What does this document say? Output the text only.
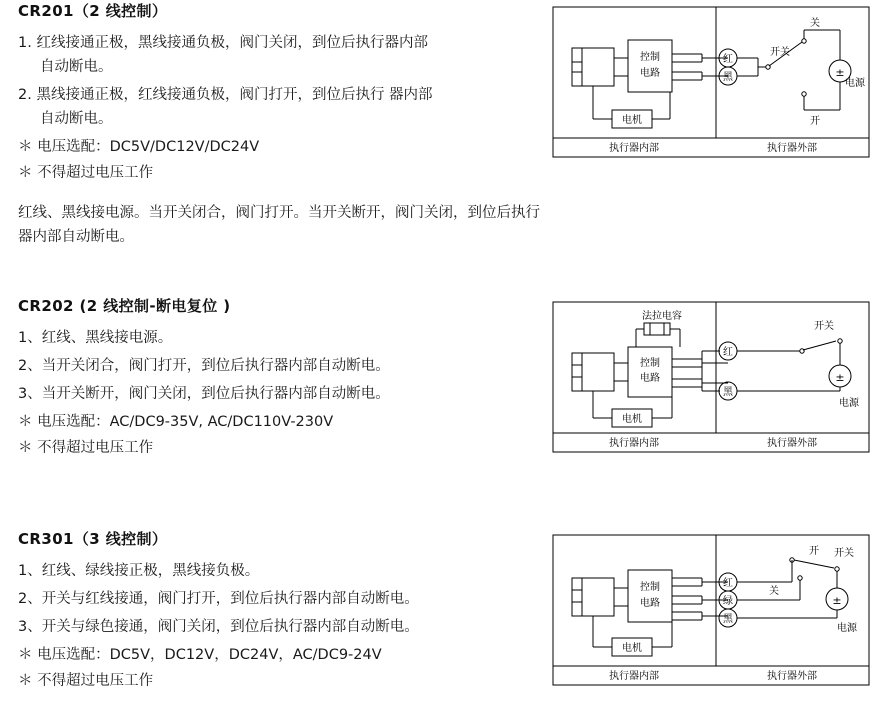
CR201（2 线控制）

1. 红线接通正极，黑线接通负极，阀门关闭，到位后执行器内部

自动断电。

2. 黑线接通正极，红线接通负极，阀门打开，到位后执行 器内部

自动断电。

＊ 电压选配：DC5V/DC12V/DC24V

＊ 不得超过电压工作

红线、黑线接电源。当开关闭合，阀门打开。当开关断开，阀门关闭，到位后执行器内部自动断电。

控制
电路
电机
红
黑
关
开
开关
±
电源
执行器内部	执行器外部

CR202 (2 线控制-断电复位 )

1、红线、黑线接电源。

2、当开关闭合，阀门打开，到位后执行器内部自动断电。

3、当开关断开，阀门关闭，到位后执行器内部自动断电。

＊ 电压选配：AC/DC9-35V, AC/DC110V-230V

＊ 不得超过电压工作

法拉电容
控制
电路
电机
红
黑
开关
±
电源
执行器内部	执行器外部

CR301（3 线控制）

1、红线、绿线接正极，黑线接负极。

2、开关与红线接通，阀门打开，到位后执行器内部自动断电。

3、开关与绿色接通，阀门关闭，到位后执行器内部自动断电。

＊ 电压选配：DC5V，DC12V，DC24V，AC/DC9-24V

＊ 不得超过电压工作

控制
电路
电机
红
绿
黑
开 开关
关
±
电源
执行器内部	执行器外部
